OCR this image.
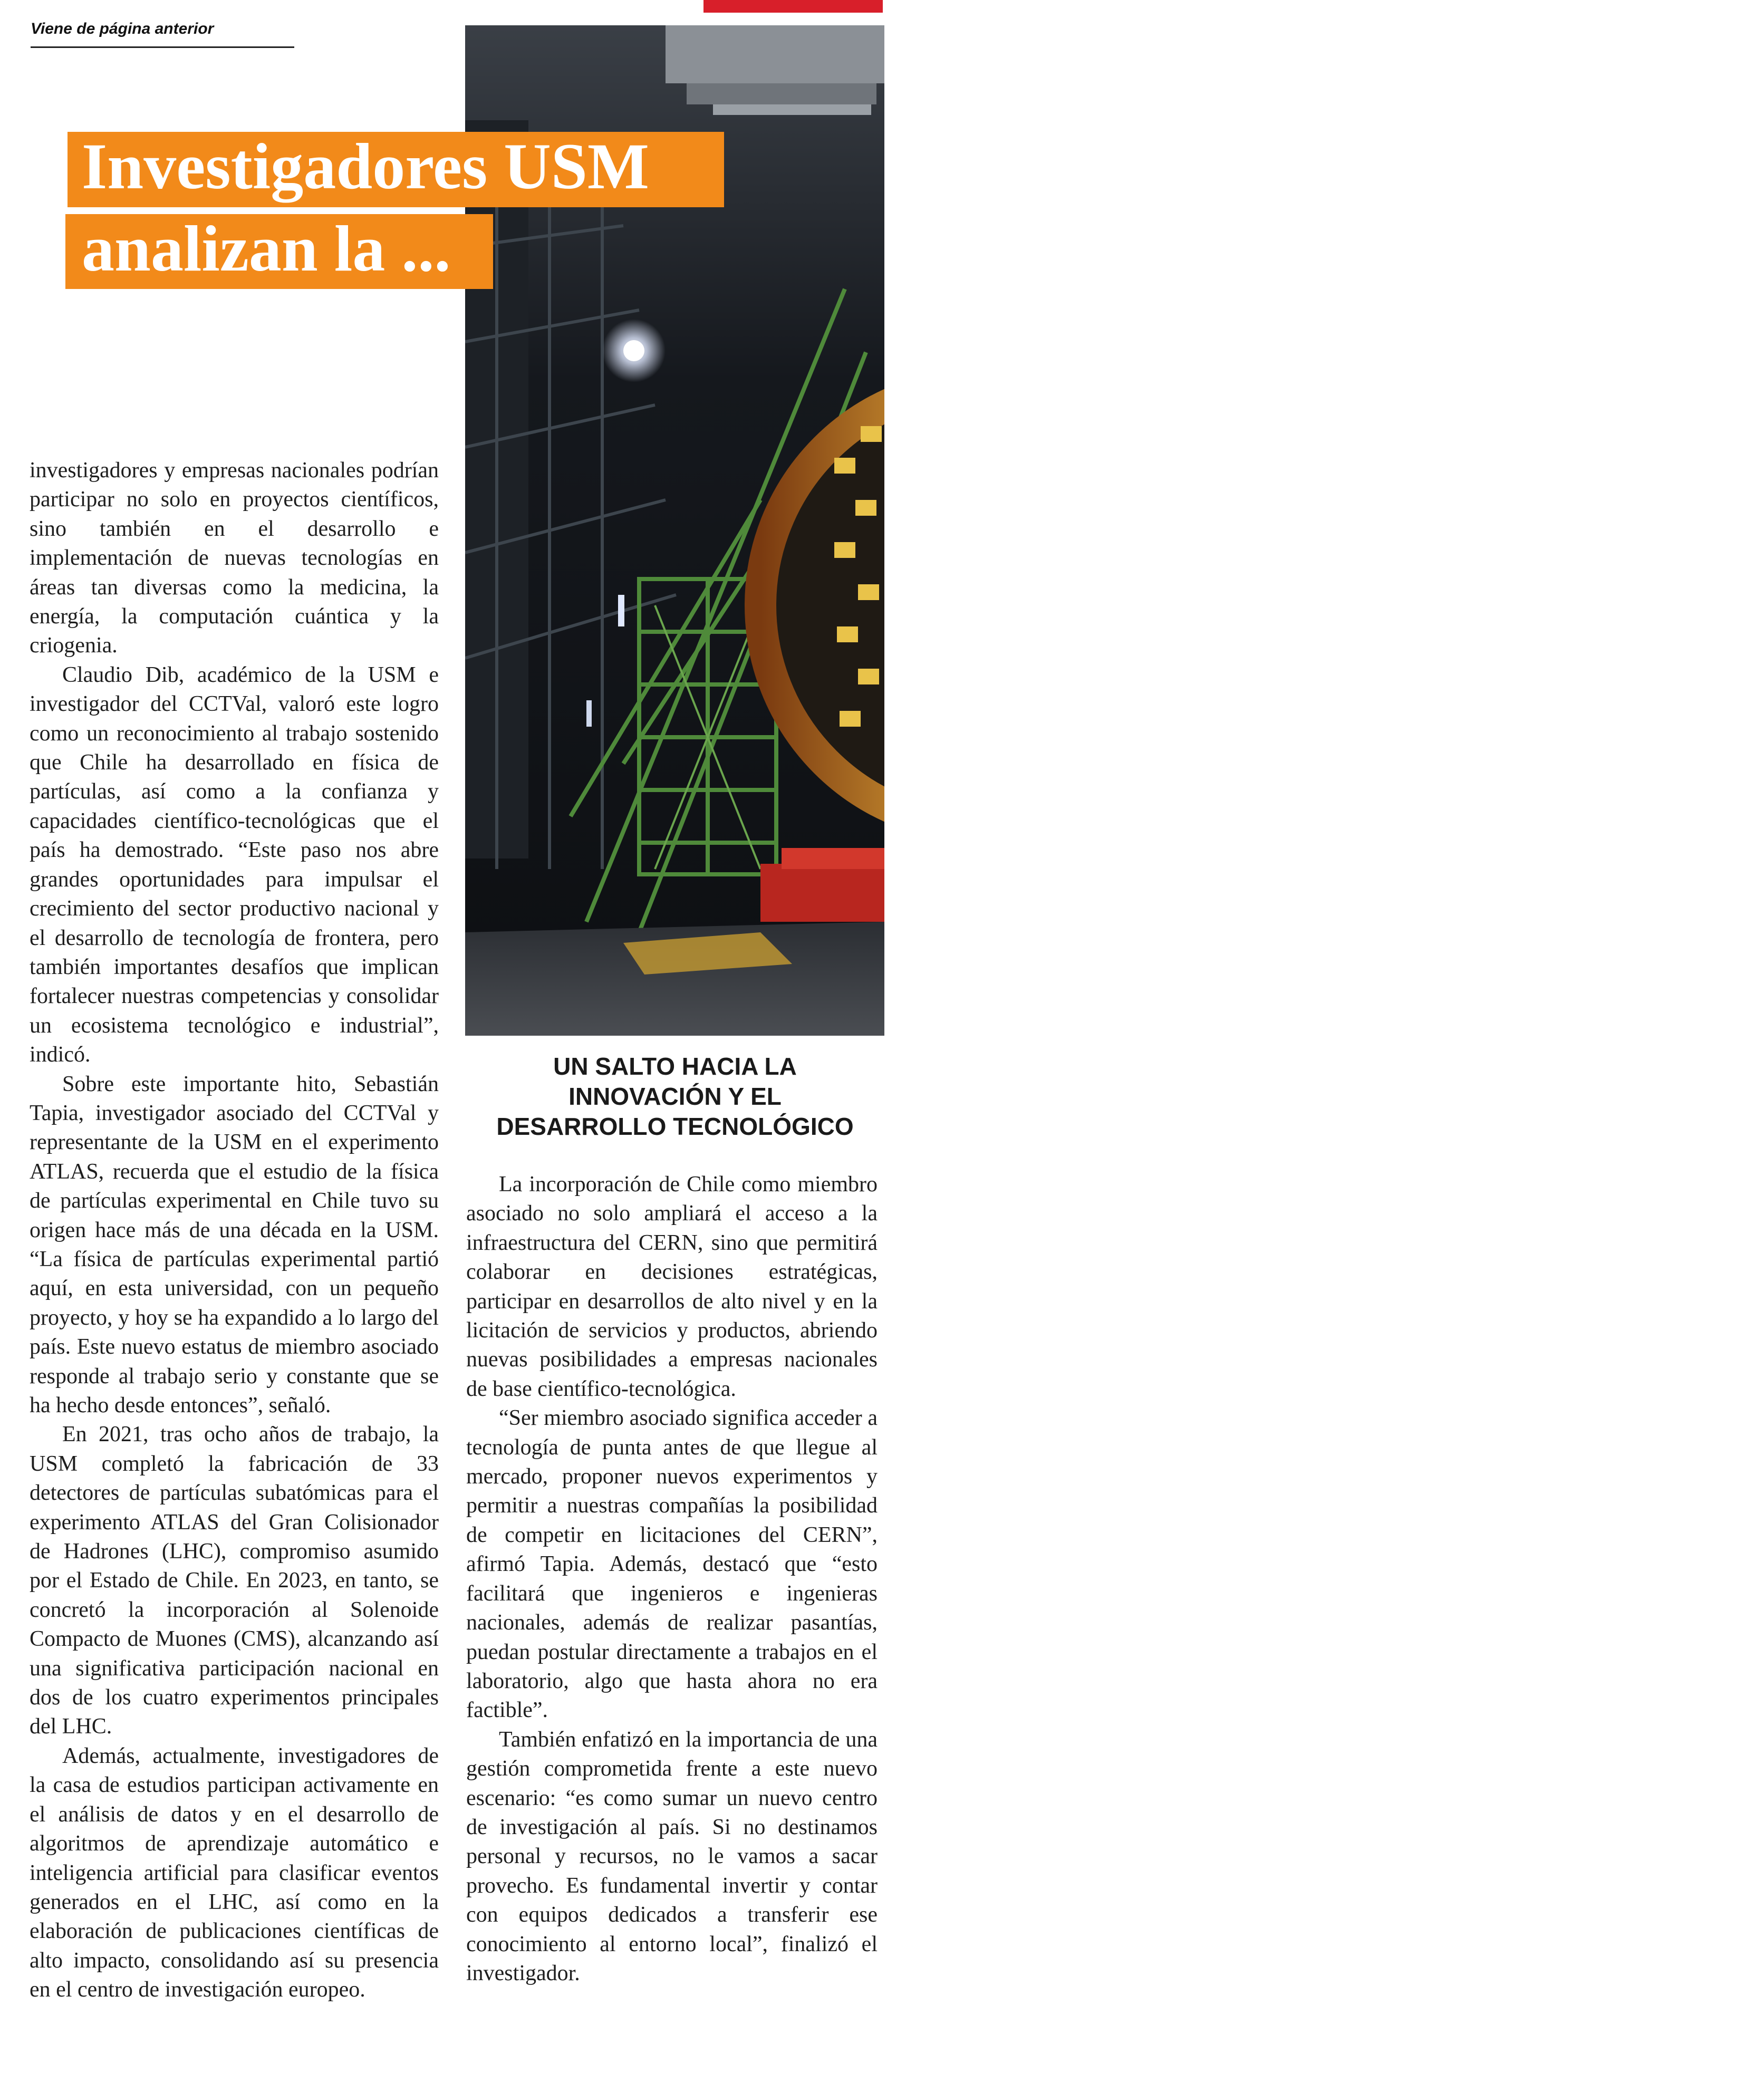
Viene de página anterior
Investigadores USM
analizan la ...

investigadores y empresas nacionales podrían participar no solo en proyectos científicos, sino también en el desarrollo e implementación de nuevas tecnologías en áreas tan diversas como la medicina, la energía, la computación cuántica y la criogenia.

Claudio Dib, académico de la USM e investigador del CCTVal, valoró este logro como un reconocimiento al trabajo sostenido que Chile ha desarrollado en física de partículas, así como a la confianza y capacidades científico-tecnológicas que el país ha demostrado. “Este paso nos abre grandes oportunidades para impulsar el crecimiento del sector productivo nacional y el desarrollo de tecnología de frontera, pero también importantes desafíos que implican fortalecer nuestras competencias y consolidar un ecosistema tecnológico e industrial”, indicó.

Sobre este importante hito, Sebastián Tapia, investigador asociado del CCTVal y representante de la USM en el experimento ATLAS, recuerda que el estudio de la física de partículas experimental en Chile tuvo su origen hace más de una década en la USM. “La física de partículas experimental partió aquí, en esta universidad, con un pequeño proyecto, y hoy se ha expandido a lo largo del país. Este nuevo estatus de miembro asociado responde al trabajo serio y constante que se ha hecho desde entonces”, señaló.

En 2021, tras ocho años de trabajo, la USM completó la fabricación de 33 detectores de partículas subatómicas para el experimento ATLAS del Gran Colisionador de Hadrones (LHC), compromiso asumido por el Estado de Chile. En 2023, en tanto, se concretó la incorporación al Solenoide Compacto de Muones (CMS), alcanzando así una significativa participación nacional en dos de los cuatro experimentos principales del LHC.

Además, actualmente, investigadores de la casa de estudios participan activamente en el análisis de datos y en el desarrollo de algoritmos de aprendizaje automático e inteligencia artificial para clasificar eventos generados en el LHC, así como en la elaboración de publicaciones científicas de alto impacto, consolidando así su presencia en el centro de investigación europeo.

UN SALTO HACIA LA
INNOVACIÓN Y EL
DESARROLLO TECNOLÓGICO

La incorporación de Chile como miembro asociado no solo ampliará el acceso a la infraestructura del CERN, sino que permitirá colaborar en decisiones estratégicas, participar en desarrollos de alto nivel y en la licitación de servicios y productos, abriendo nuevas posibilidades a empresas nacionales de base científico-tecnológica.

“Ser miembro asociado significa acceder a tecnología de punta antes de que llegue al mercado, proponer nuevos experimentos y permitir a nuestras compañías la posibilidad de competir en licitaciones del CERN”, afirmó Tapia. Además, destacó que “esto facilitará que ingenieros e ingenieras nacionales, además de realizar pasantías, puedan postular directamente a trabajos en el laboratorio, algo que hasta ahora no era factible”.

También enfatizó en la importancia de una gestión comprometida frente a este nuevo escenario: “es como sumar un nuevo centro de investigación al país. Si no destinamos personal y recursos, no le vamos a sacar provecho. Es fundamental invertir y contar con equipos dedicados a transferir ese conocimiento al entorno local”, finalizó el investigador.
